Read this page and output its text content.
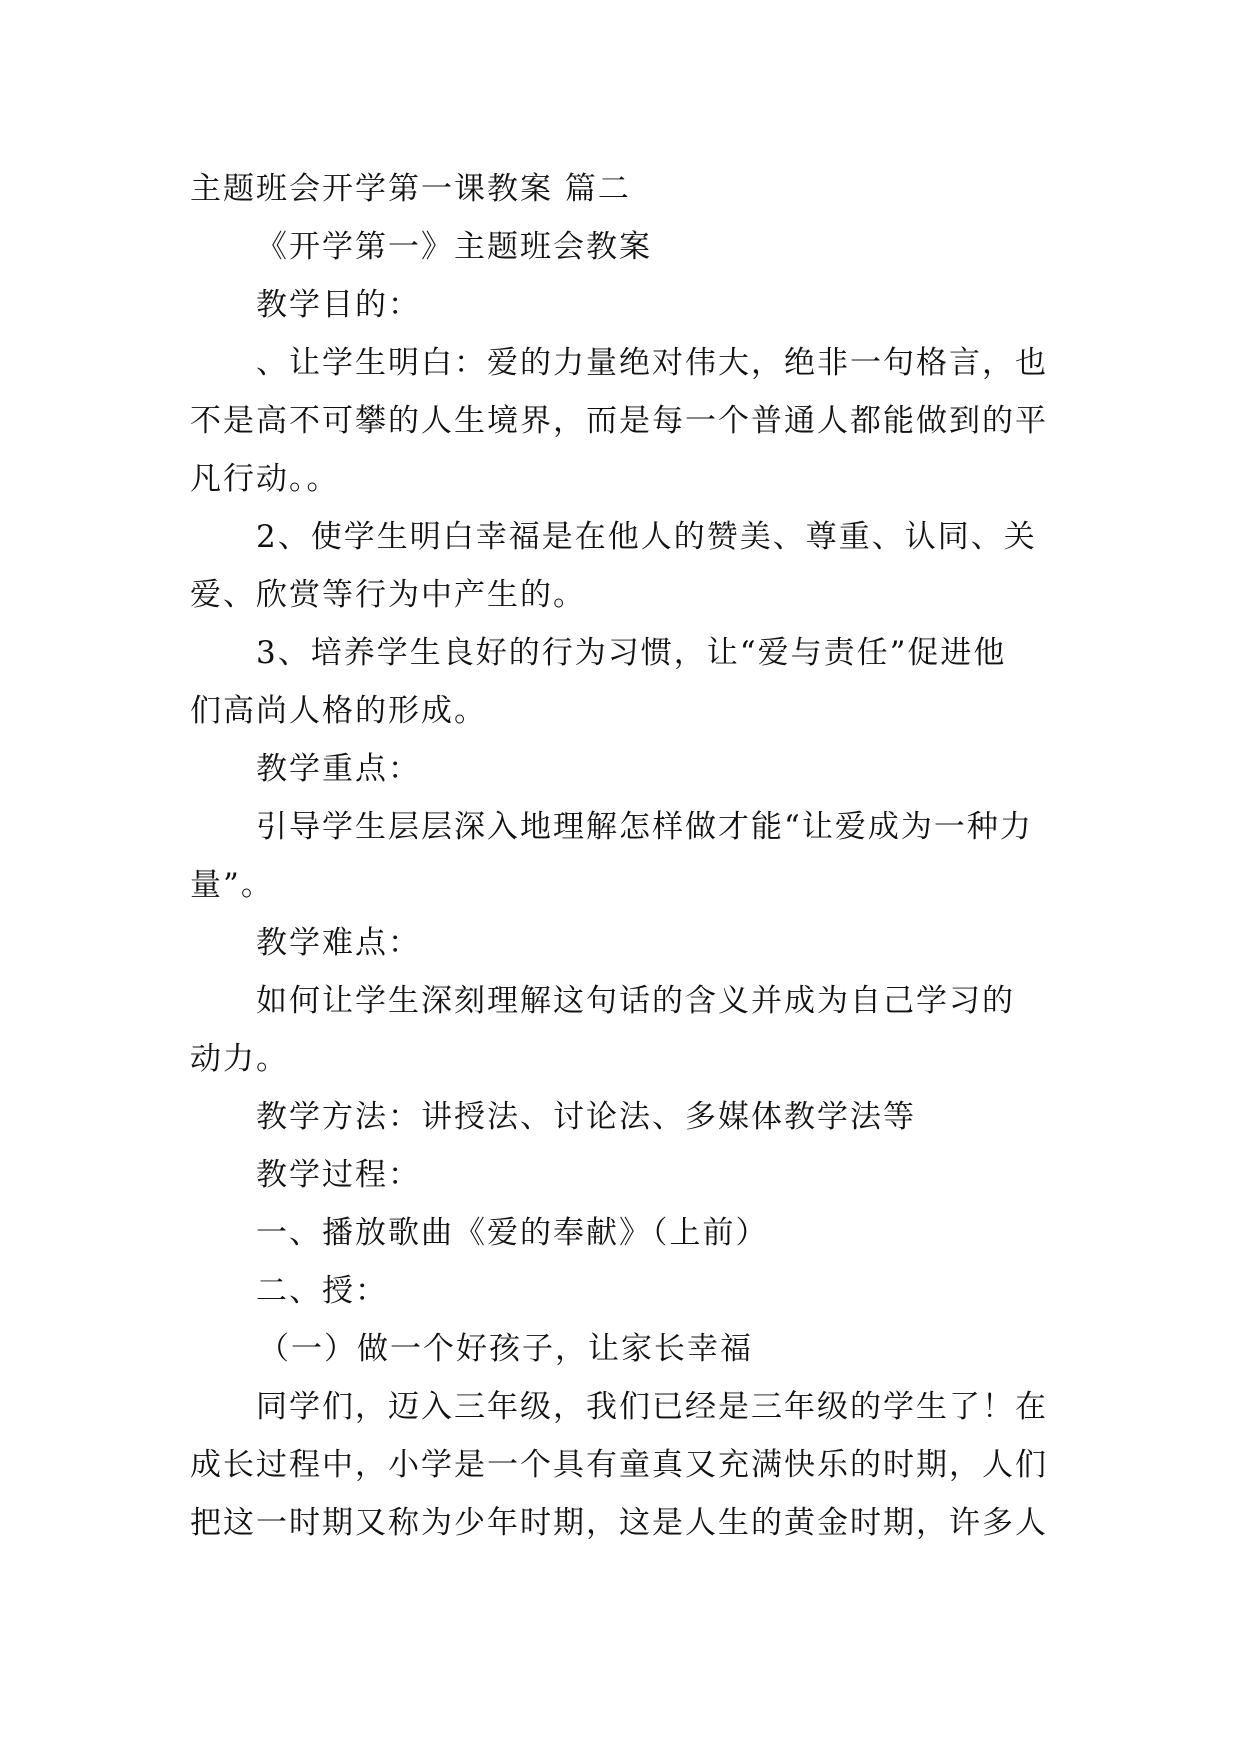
主题班会开学第一课教案 篇二
《开学第一》主题班会教案
教学目的：
、让学生明白：爱的力量绝对伟大，绝非一句格言，也
不是高不可攀的人生境界，而是每一个普通人都能做到的平
凡行动。。
2、使学生明白幸福是在他人的赞美、尊重、认同、关
爱、欣赏等行为中产生的。
3、培养学生良好的行为习惯，让“爱与责任”促进他
们高尚人格的形成。
教学重点：
引导学生层层深入地理解怎样做才能“让爱成为一种力
量”。
教学难点：
如何让学生深刻理解这句话的含义并成为自己学习的
动力。
教学方法：讲授法、讨论法、多媒体教学法等
教学过程：
一、播放歌曲《爱的奉献》（上前）
二、授：
（一）做一个好孩子，让家长幸福
同学们，迈入三年级，我们已经是三年级的学生了！在
成长过程中，小学是一个具有童真又充满快乐的时期，人们
把这一时期又称为少年时期，这是人生的黄金时期，许多人
